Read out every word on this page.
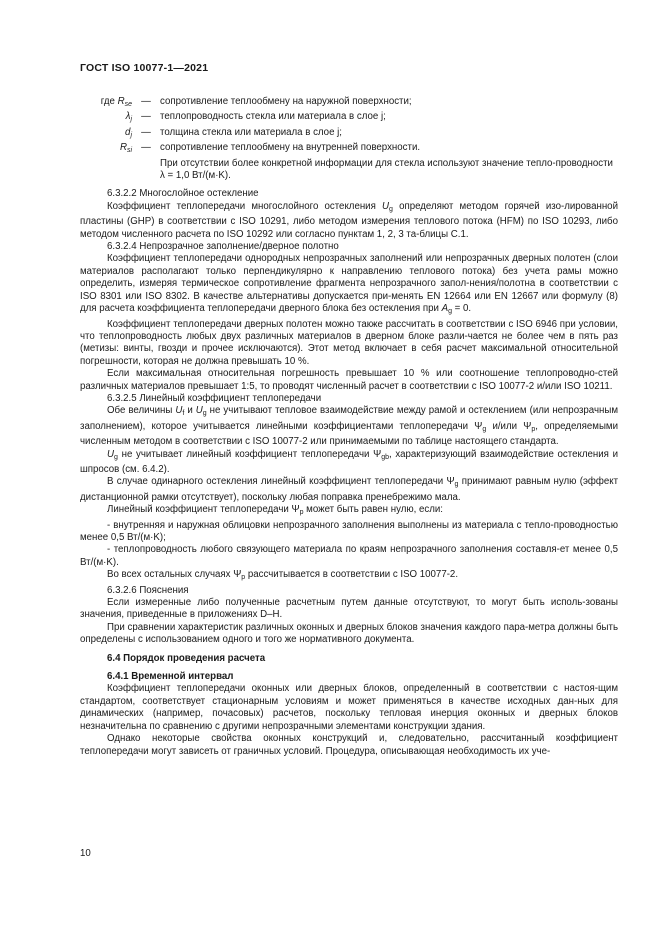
ГОСТ ISO 10077-1—2021
где $R_{se}$ — сопротивление теплообмену на наружной поверхности;
$\lambda_j$ — теплопроводность стекла или материала в слое j;
$d_j$ — толщина стекла или материала в слое j;
$R_{si}$ — сопротивление теплообмену на внутренней поверхности.
При отсутствии более конкретной информации для стекла используют значение тепло-проводности λ = 1,0 Вт/(м·K).

6.3.2.2 Многослойное остекление

Коэффициент теплопередачи многослойного остекления $U_g$ определяют методом горячей изо-лированной пластины (GHP) в соответствии с ISO 10291, либо методом измерения теплового потока (HFM) по ISO 10293, либо методом численного расчета по ISO 10292 или согласно пунктам 1, 2, 3 та-блицы C.1.

6.3.2.4 Непрозрачное заполнение/дверное полотно

Коэффициент теплопередачи однородных непрозрачных заполнений или непрозрачных дверных полотен (слои материалов располагают только перпендикулярно к направлению теплового потока) без учета рамы можно определить, измеряя термическое сопротивление фрагмента непрозрачного запол-нения/полотна в соответствии с ISO 8301 или ISO 8302. В качестве альтернативы допускается при-менять EN 12664 или EN 12667 или формулу (8) для расчета коэффициента теплопередачи дверного блока без остекления при $A_g = 0$.

Коэффициент теплопередачи дверных полотен можно также рассчитать в соответствии с ISO 6946 при условии, что теплопроводность любых двух различных материалов в дверном блоке разли-чается не более чем в пять раз (метизы: винты, гвозди и прочее исключаются). Этот метод включает в себя расчет максимальной относительной погрешности, которая не должна превышать 10 %.

Если максимальная относительная погрешность превышает 10 % или соотношение теплопроводно-стей различных материалов превышает 1:5, то проводят численный расчет в соответствии с ISO 10077-2 и/или ISO 10211.

6.3.2.5 Линейный коэффициент теплопередачи

Обе величины $U_f$ и $U_g$ не учитывают тепловое взаимодействие между рамой и остеклением (или непрозрачным заполнением), которое учитывается линейными коэффициентами теплопередачи $\Psi_g$ и/или $\Psi_p$, определяемыми численным методом в соответствии с ISO 10077-2 или принимаемыми по таблице настоящего стандарта.

$U_g$ не учитывает линейный коэффициент теплопередачи $\Psi_{gb}$, характеризующий взаимодействие остекления и шпросов (см. 6.4.2).

В случае одинарного остекления линейный коэффициент теплопередачи $\Psi_g$ принимают равным нулю (эффект дистанционной рамки отсутствует), поскольку любая поправка пренебрежимо мала.

Линейный коэффициент теплопередачи $\Psi_p$ может быть равен нулю, если:

- внутренняя и наружная облицовки непрозрачного заполнения выполнены из материала с тепло-проводностью менее 0,5 Вт/(м·K);

- теплопроводность любого связующего материала по краям непрозрачного заполнения составля-ет менее 0,5 Вт/(м·K).

Во всех остальных случаях $\Psi_p$ рассчитывается в соответствии с ISO 10077-2.

6.3.2.6 Пояснения

Если измеренные либо полученные расчетным путем данные отсутствуют, то могут быть исполь-зованы значения, приведенные в приложениях D–H.

При сравнении характеристик различных оконных и дверных блоков значения каждого пара-метра должны быть определены с использованием одного и того же нормативного документа.

6.4 Порядок проведения расчета

6.4.1 Временной интервал

Коэффициент теплопередачи оконных или дверных блоков, определенный в соответствии с настоя-щим стандартом, соответствует стационарным условиям и может применяться в качестве исходных дан-ных для динамических (например, почасовых) расчетов, поскольку тепловая инерция оконных и дверных блоков незначительна по сравнению с другими непрозрачными элементами конструкции здания.

Однако некоторые свойства оконных конструкций и, следовательно, рассчитанный коэффициент теплопередачи могут зависеть от граничных условий. Процедура, описывающая необходимость их уче-

10
